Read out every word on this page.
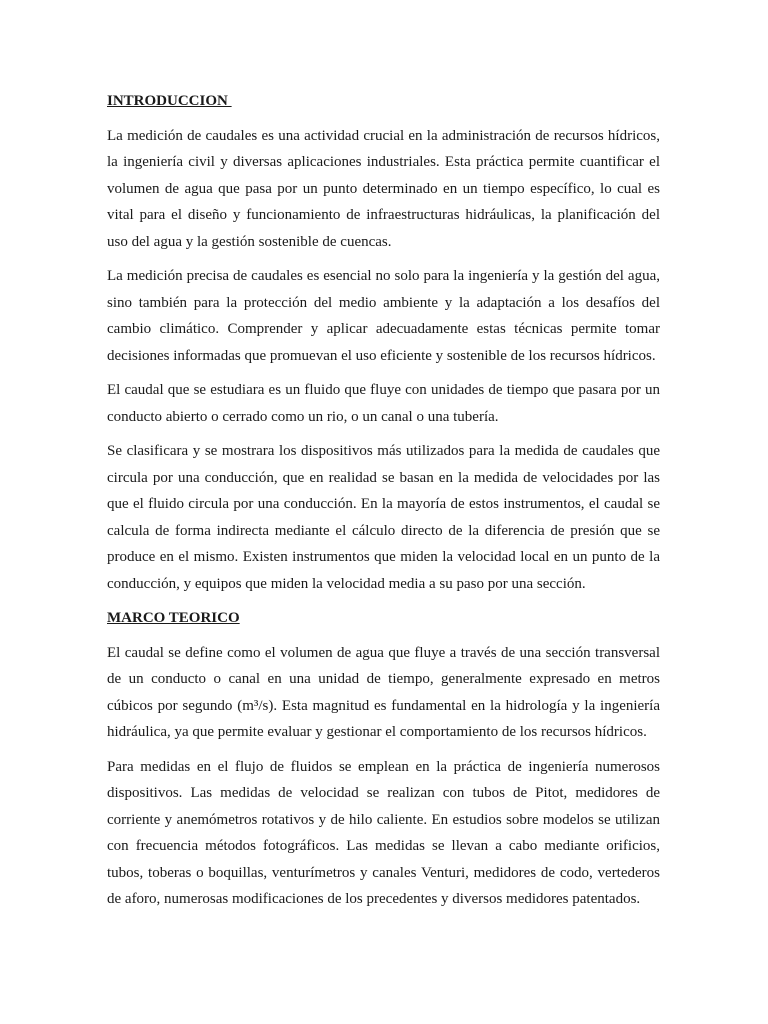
INTRODUCCION

La medición de caudales es una actividad crucial en la administración de recursos hídricos, la ingeniería civil y diversas aplicaciones industriales. Esta práctica permite cuantificar el volumen de agua que pasa por un punto determinado en un tiempo específico, lo cual es vital para el diseño y funcionamiento de infraestructuras hidráulicas, la planificación del uso del agua y la gestión sostenible de cuencas.

La medición precisa de caudales es esencial no solo para la ingeniería y la gestión del agua, sino también para la protección del medio ambiente y la adaptación a los desafíos del cambio climático. Comprender y aplicar adecuadamente estas técnicas permite tomar decisiones informadas que promuevan el uso eficiente y sostenible de los recursos hídricos.

El caudal que se estudiara es un fluido que fluye con unidades de tiempo que pasara por un conducto abierto o cerrado como un rio, o un canal o una tubería.

Se clasificara y se mostrara los dispositivos más utilizados para la medida de caudales que circula por una conducción, que en realidad se basan en la medida de velocidades por las que el fluido circula por una conducción. En la mayoría de estos instrumentos, el caudal se calcula de forma indirecta mediante el cálculo directo de la diferencia de presión que se produce en el mismo. Existen instrumentos que miden la velocidad local en un punto de la conducción, y equipos que miden la velocidad media a su paso por una sección.

MARCO TEORICO

El caudal se define como el volumen de agua que fluye a través de una sección transversal de un conducto o canal en una unidad de tiempo, generalmente expresado en metros cúbicos por segundo (m³/s). Esta magnitud es fundamental en la hidrología y la ingeniería hidráulica, ya que permite evaluar y gestionar el comportamiento de los recursos hídricos.

Para medidas en el flujo de fluidos se emplean en la práctica de ingeniería numerosos dispositivos. Las medidas de velocidad se realizan con tubos de Pitot, medidores de corriente y anemómetros rotativos y de hilo caliente. En estudios sobre modelos se utilizan con frecuencia métodos fotográficos. Las medidas se llevan a cabo mediante orificios, tubos, toberas o boquillas, venturímetros y canales Venturi, medidores de codo, vertederos de aforo, numerosas modificaciones de los precedentes y diversos medidores patentados.
